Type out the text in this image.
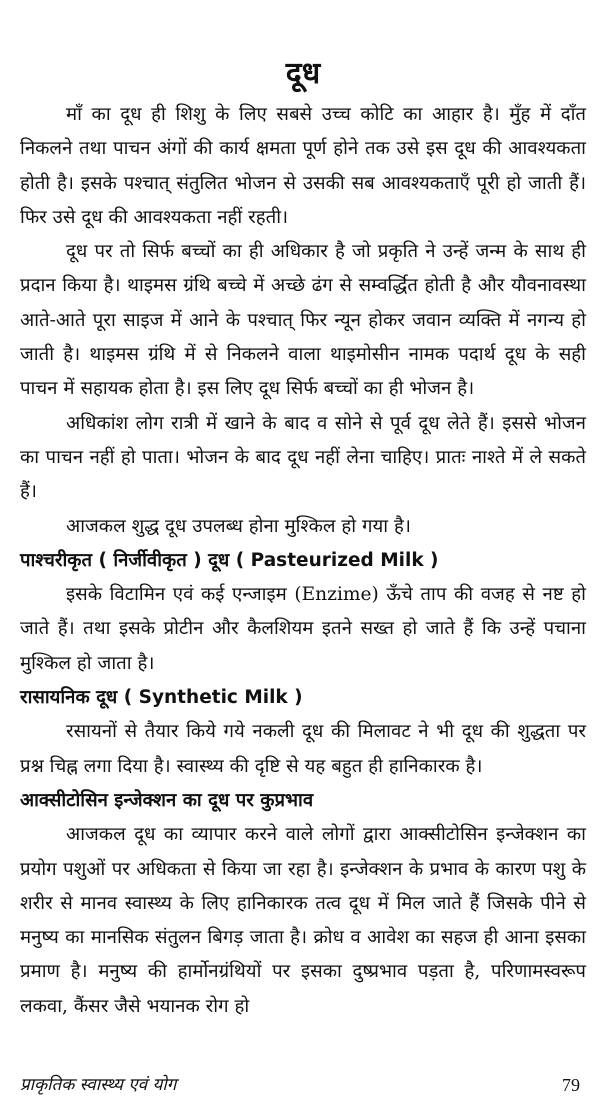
दूध

माँ का दूध ही शिशु के लिए सबसे उच्च कोटि का आहार है। मुँह में दाँत निकलने तथा पाचन अंगों की कार्य क्षमता पूर्ण होने तक उसे इस दूध की आवश्यकता होती है। इसके पश्चात् संतुलित भोजन से उसकी सब आवश्यकताएँ पूरी हो जाती हैं। फिर उसे दूध की आवश्यकता नहीं रहती।

दूध पर तो सिर्फ बच्चों का ही अधिकार है जो प्रकृति ने उन्हें जन्म के साथ ही प्रदान किया है। थाइमस ग्रंथि बच्चे में अच्छे ढंग से सम्वर्द्धित होती है और यौवनावस्था आते-आते पूरा साइज में आने के पश्चात् फिर न्यून होकर जवान व्यक्ति में नगन्य हो जाती है। थाइमस ग्रंथि में से निकलने वाला थाइमोसीन नामक पदार्थ दूध के सही पाचन में सहायक होता है। इस लिए दूध सिर्फ बच्चों का ही भोजन है।

अधिकांश लोग रात्री में खाने के बाद व सोने से पूर्व दूध लेते हैं। इससे भोजन का पाचन नहीं हो पाता। भोजन के बाद दूध नहीं लेना चाहिए। प्रातः नाश्ते में ले सकते हैं।

आजकल शुद्ध दूध उपलब्ध होना मुश्किल हो गया है।

पाश्चरीकृत ( निर्जीवीकृत ) दूध ( Pasteurized Milk )

इसके विटामिन एवं कई एन्जाइम (Enzime) ऊँचे ताप की वजह से नष्ट हो जाते हैं। तथा इसके प्रोटीन और कैलशियम इतने सख्त हो जाते हैं कि उन्हें पचाना मुश्किल हो जाता है।

रासायनिक दूध ( Synthetic Milk )

रसायनों से तैयार किये गये नकली दूध की मिलावट ने भी दूध की शुद्धता पर प्रश्न चिह्न लगा दिया है। स्वास्थ्य की दृष्टि से यह बहुत ही हानिकारक है।

आक्सीटोसिन इन्जेक्शन का दूध पर कुप्रभाव

आजकल दूध का व्यापार करने वाले लोगों द्वारा आक्सीटोसिन इन्जेक्शन का प्रयोग पशुओं पर अधिकता से किया जा रहा है। इन्जेक्शन के प्रभाव के कारण पशु के शरीर से मानव स्वास्थ्य के लिए हानिकारक तत्व दूध में मिल जाते हैं जिसके पीने से मनुष्य का मानसिक संतुलन बिगड़ जाता है। क्रोध व आवेश का सहज ही आना इसका प्रमाण है। मनुष्य की हार्मोनग्रंथियों पर इसका दुष्प्रभाव पड़ता है, परिणामस्वरूप लकवा, कैंसर जैसे भयानक रोग हो

प्राकृतिक स्वास्थ्य एवं योग	79
